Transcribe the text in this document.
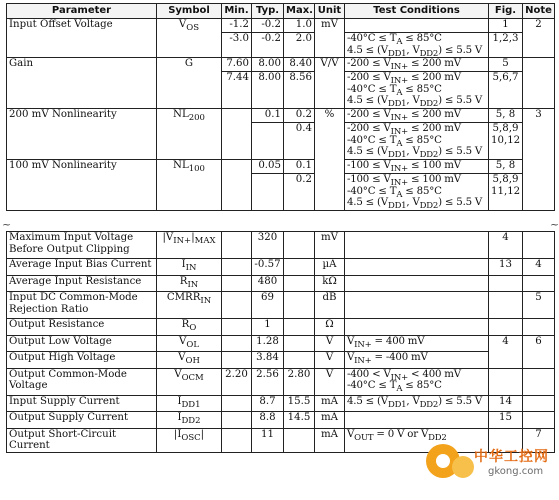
Parameter	Symbol	Min.	Typ.	Max.	Unit	Test Conditions	Fig.	Note
Input Offset Voltage	$V_{OS}$	-1.2	-0.2	1.0	mV		1	2
		-3.0	-0.2	2.0		$-40^\circ C \le T_A \le 85^\circ C$
$4.5 \le (V_{DD1}$, $V_{DD2}) \le 5.5$ V	1,2,3	
Gain	G	7.60	8.00	8.40	V/V	$-200 \le V_{IN+} \le 200$ mV	5	
		7.44	8.00	8.56		$-200 \le V_{IN+} \le 200$ mV
$-40^\circ C \le T_A \le 85^\circ C$
$4.5 \le (V_{DD1}$, $V_{DD2}) \le 5.5$ V	5,6,7	
200 mV Nonlinearity	$NL_{200}$		0.1	0.2	%	$-200 \le V_{IN+} \le 200$ mV	5, 8	3
				0.4		$-200 \le V_{IN+} \le 200$ mV
$-40^\circ C \le T_A \le 85^\circ C$
$4.5 \le (V_{DD1}$, $V_{DD2}) \le 5.5$ V	5,8,9 10,12	
100 mV Nonlinearity	$NL_{100}$		0.05	0.1		$-100 \le V_{IN+} \le 100$ mV	5, 8	
				0.2		$-100 \le V_{IN+} \le 100$ mV
$-40^\circ C \le T_A \le 85^\circ C$
$4.5 \le (V_{DD1}$, $V_{DD2}) \le 5.5$ V	5,8,9 11,12	
~	~
Maximum Input Voltage Before Output Clipping	$|V_{IN+}|_{MAX}$		320		mV		4	
Average Input Bias Current	$I_{IN}$		-0.57		µA		13	4
Average Input Resistance	$R_{IN}$		480		kΩ			
Input DC Common-Mode Rejection Ratio	$CMRR_{IN}$		69		dB			5
Output Resistance	$R_O$		1		Ω			
Output Low Voltage	$V_{OL}$		1.28		V	$V_{IN+} = 400$ mV	4	6
Output High Voltage	$V_{OH}$		3.84		V	$V_{IN+} = -400$ mV		
Output Common-Mode Voltage	$V_{OCM}$	2.20	2.56	2.80	V	$-400 < V_{IN+} < 400$ mV
$-40^\circ C \le T_A \le 85^\circ C$		

Input Supply Current	$I_{DD1}$		8.7	15.5	mA	$4.5 \le (V_{DD1}$, $V_{DD2}) \le 5.5$ V	14	
Output Supply Current	$I_{DD2}$		8.8	14.5	mA		15	
Output Short-Circuit Current	$|I_{OSC}|$		11		mA	$V_{OUT} = 0$ V or $V_{DD2}$		7
中华工控网
gkong.com
